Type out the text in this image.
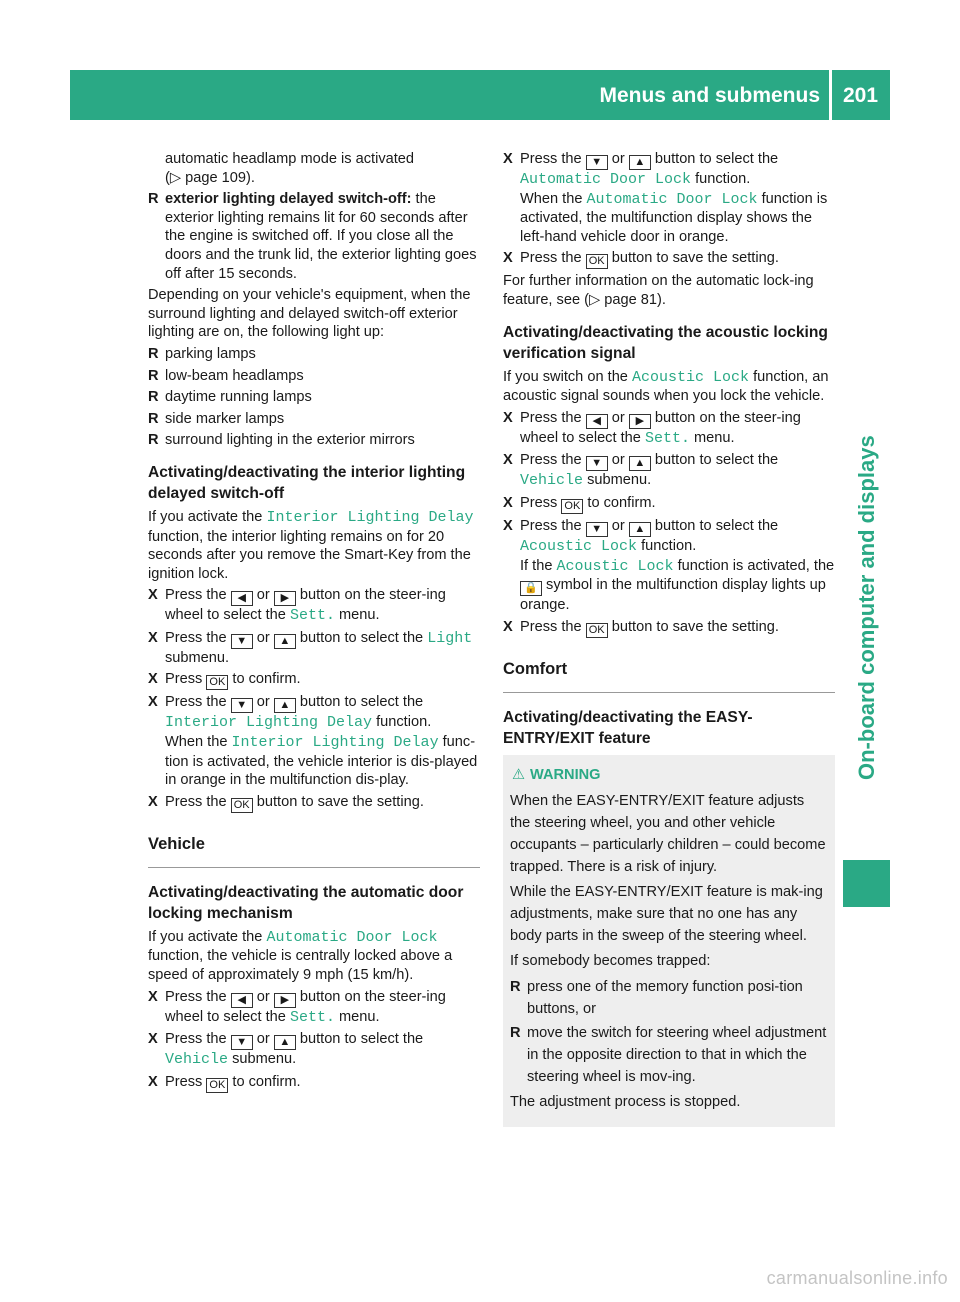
Menus and submenus 201
On-board computer and displays

automatic headlamp mode is activated
(▷ page 109).

R exterior lighting delayed switch-off: the exterior lighting remains lit for 60 seconds after the engine is switched off. If you close all the doors and the trunk lid, the exterior lighting goes off after 15 seconds.

Depending on your vehicle's equipment, when the surround lighting and delayed switch-off exterior lighting are on, the following light up:

R parking lamps
R low-beam headlamps
R daytime running lamps
R side marker lamps
R surround lighting in the exterior mirrors
Activating/deactivating the interior lighting delayed switch-off

If you activate the Interior Lighting Delay function, the interior lighting remains on for 20 seconds after you remove the Smart-Key from the ignition lock.

X Press the ◀ or ▶ button on the steer-ing wheel to select the Sett. menu.
X Press the ▼ or ▲ button to select the Light submenu.
X Press OK to confirm.
X Press the ▼ or ▲ button to select the Interior Lighting Delay function.
When the Interior Lighting Delay func-tion is activated, the vehicle interior is dis-played in orange in the multifunction dis-play.
X Press the OK button to save the setting.
Vehicle
Activating/deactivating the automatic door locking mechanism

If you activate the Automatic Door Lock function, the vehicle is centrally locked above a speed of approximately 9 mph (15 km/h).

X Press the ◀ or ▶ button on the steer-ing wheel to select the Sett. menu.
X Press the ▼ or ▲ button to select the Vehicle submenu.
X Press OK to confirm.
X Press the ▼ or ▲ button to select the Automatic Door Lock function.
When the Automatic Door Lock function is activated, the multifunction display shows the left-hand vehicle door in orange.
X Press the OK button to save the setting.

For further information on the automatic lock-ing feature, see (▷ page 81).

Activating/deactivating the acoustic locking verification signal

If you switch on the Acoustic Lock function, an acoustic signal sounds when you lock the vehicle.

X Press the ◀ or ▶ button on the steer-ing wheel to select the Sett. menu.
X Press the ▼ or ▲ button to select the Vehicle submenu.
X Press OK to confirm.
X Press the ▼ or ▲ button to select the Acoustic Lock function.
If the Acoustic Lock function is activated, the 🔒 symbol in the multifunction display lights up orange.
X Press the OK button to save the setting.
Comfort
Activating/deactivating the EASY-ENTRY/EXIT feature
⚠ WARNING

When the EASY-ENTRY/EXIT feature adjusts the steering wheel, you and other vehicle occupants – particularly children – could become trapped. There is a risk of injury.

While the EASY-ENTRY/EXIT feature is mak-ing adjustments, make sure that no one has any body parts in the sweep of the steering wheel.

If somebody becomes trapped:

R press one of the memory function posi-tion buttons, or
R move the switch for steering wheel adjustment in the opposite direction to that in which the steering wheel is mov-ing.

The adjustment process is stopped.

carmanualsonline.info
